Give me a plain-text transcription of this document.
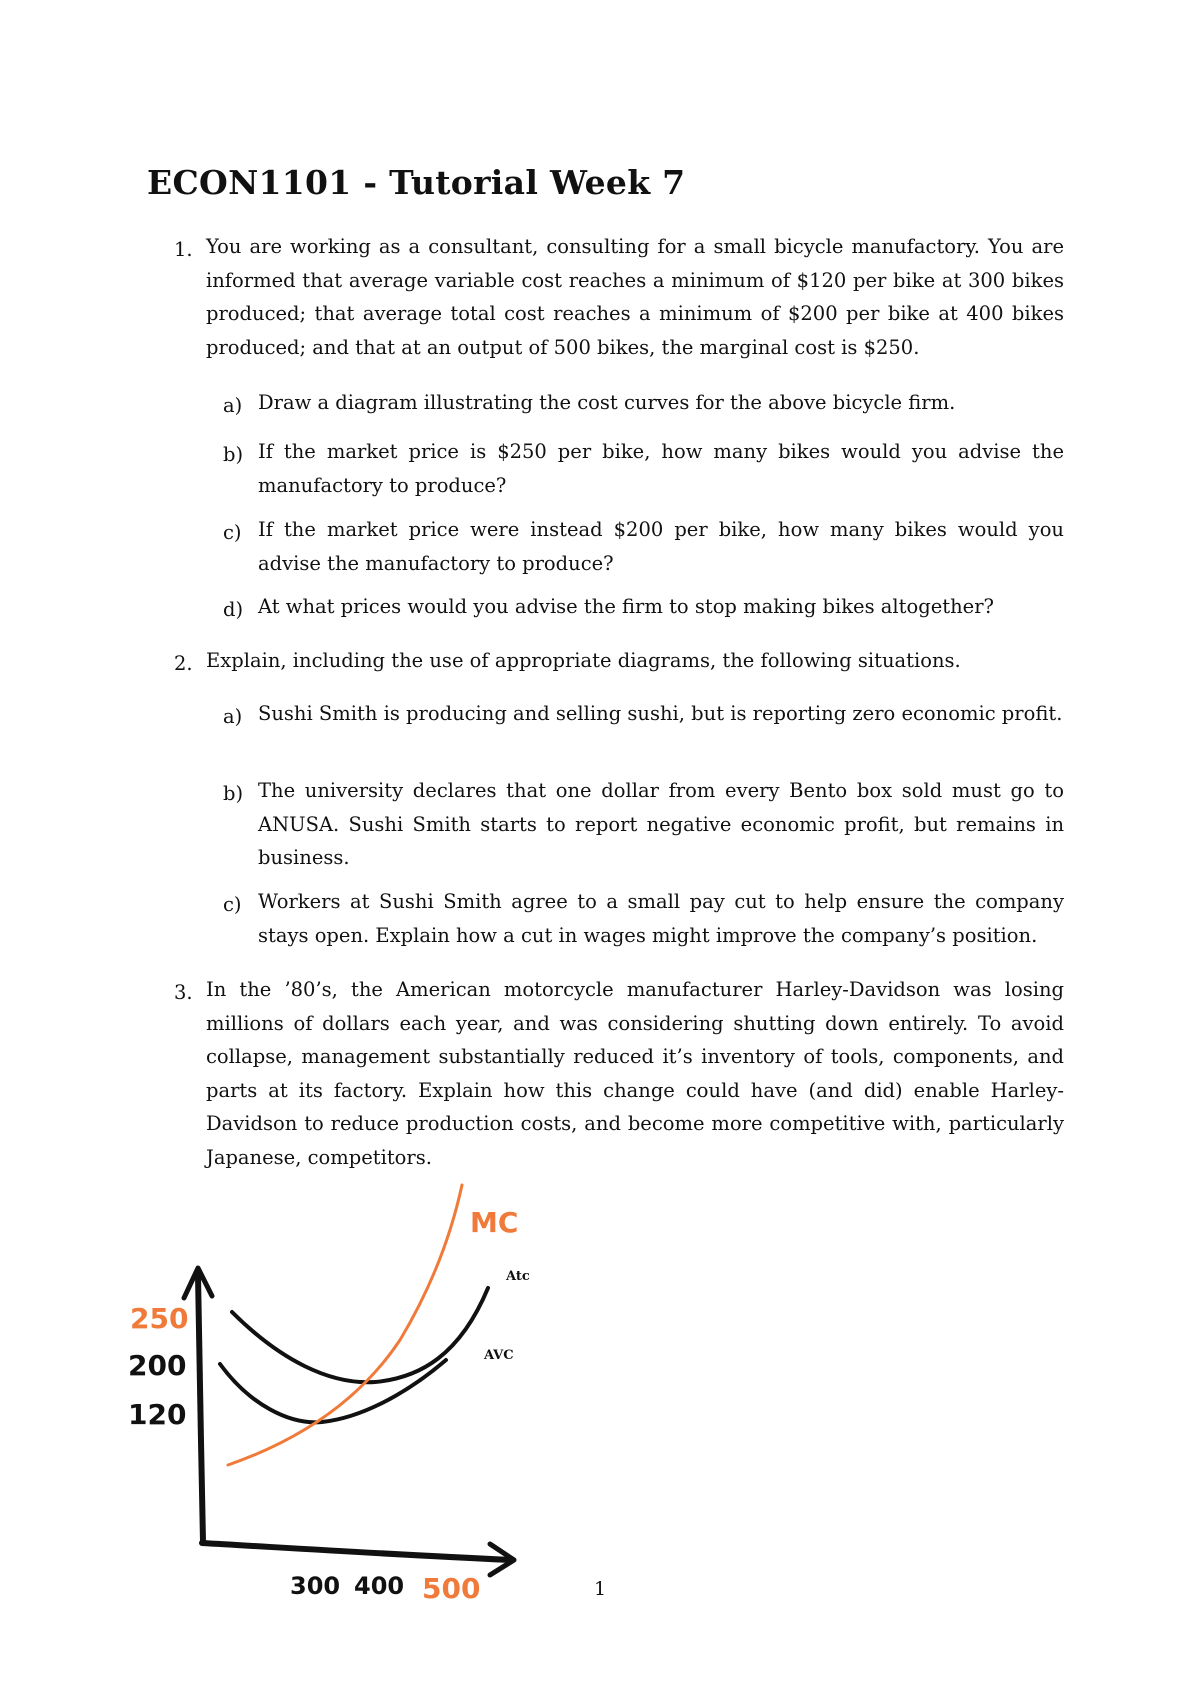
ECON1101 - Tutorial Week 7
1. You are working as a consultant, consulting for a small bicycle manufactory. You are informed that average variable cost reaches a minimum of $120 per bike at 300 bikes produced; that average total cost reaches a minimum of $200 per bike at 400 bikes produced; and that at an output of 500 bikes, the marginal cost is $250.
a) Draw a diagram illustrating the cost curves for the above bicycle firm.
b) If the market price is $250 per bike, how many bikes would you advise the manufactory to produce?
c) If the market price were instead $200 per bike, how many bikes would you advise the manufactory to produce?
d) At what prices would you advise the firm to stop making bikes altogether?
2. Explain, including the use of appropriate diagrams, the following situations.
a) Sushi Smith is producing and selling sushi, but is reporting zero economic profit.
b) The university declares that one dollar from every Bento box sold must go to ANUSA. Sushi Smith starts to report negative economic profit, but remains in business.
c) Workers at Sushi Smith agree to a small pay cut to help ensure the company stays open. Explain how a cut in wages might improve the company’s position.
3. In the ’80’s, the American motorcycle manufacturer Harley-Davidson was losing millions of dollars each year, and was considering shutting down entirely. To avoid collapse, management substantially reduced it’s inventory of tools, components, and parts at its factory. Explain how this change could have (and did) enable Harley-Davidson to reduce production costs, and become more competitive with, particularly Japanese, competitors.
MC
Atc
AVC
250
200
120
300 400 500	1
